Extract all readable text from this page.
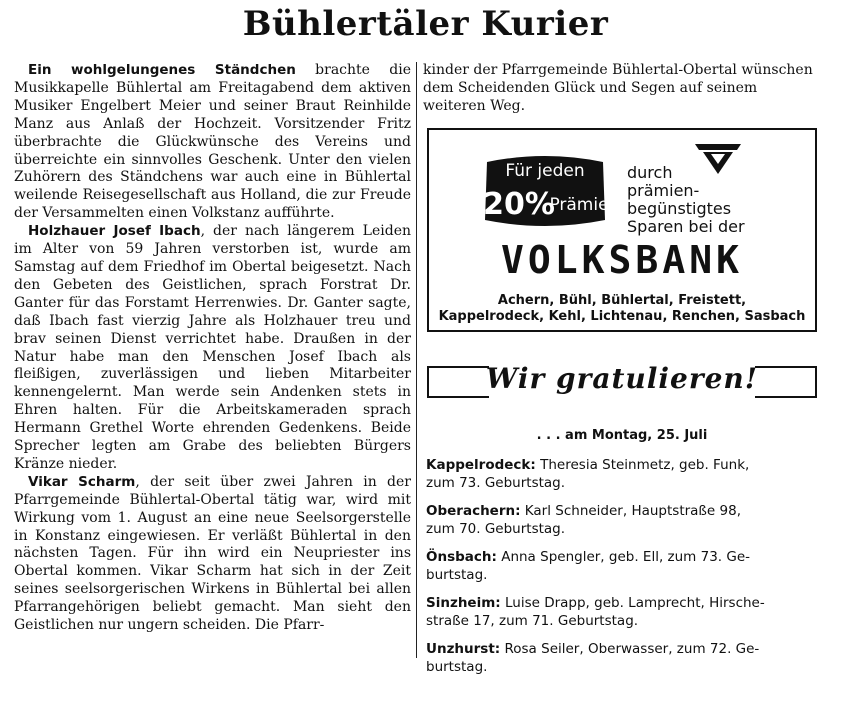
Bühlertäler Kurier

Ein wohlgelungenes Ständchen brachte die Musikkapelle Bühlertal am Freitagabend dem aktiven Musiker Engelbert Meier und seiner Braut Reinhilde Manz aus Anlaß der Hochzeit. Vorsitzender Fritz überbrachte die Glückwünsche des Vereins und überreichte ein sinnvolles Geschenk. Unter den vielen Zuhörern des Ständchens war auch eine in Bühlertal weilende Reisegesellschaft aus Holland, die zur Freude der Versammelten einen Volkstanz aufführte.

Holzhauer Josef Ibach, der nach längerem Leiden im Alter von 59 Jahren verstorben ist, wurde am Samstag auf dem Friedhof im Obertal beigesetzt. Nach den Gebeten des Geistlichen, sprach Forstrat Dr. Ganter für das Forstamt Herrenwies. Dr. Ganter sagte, daß Ibach fast vierzig Jahre als Holzhauer treu und brav seinen Dienst verrichtet habe. Draußen in der Natur habe man den Menschen Josef Ibach als fleißigen, zuverlässigen und lieben Mitarbeiter kennengelernt. Man werde sein Andenken stets in Ehren halten. Für die Arbeitskameraden sprach Hermann Grethel Worte ehrenden Gedenkens. Beide Sprecher legten am Grabe des beliebten Bürgers Kränze nieder.

Vikar Scharm, der seit über zwei Jahren in der Pfarrgemeinde Bühlertal-Obertal tätig war, wird mit Wirkung vom 1. August an eine neue Seelsorgerstelle in Konstanz eingewiesen. Er verläßt Bühlertal in den nächsten Tagen. Für ihn wird ein Neupriester ins Obertal kommen. Vikar Scharm hat sich in der Zeit seines seelsorgerischen Wirkens in Bühlertal bei allen Pfarrangehörigen beliebt gemacht. Man sieht den Geistlichen nur ungern scheiden. Die Pfarr-

kinder der Pfarrgemeinde Bühlertal-Obertal wünschen dem Scheidenden Glück und Segen auf seinem weiteren Weg.

Für jeden
20%
Prämie
durch
prämien-
begünstigtes
Sparen bei der
VOLKSBANK
Achern, Bühl, Bühlertal, Freistett,
Kappelrodeck, Kehl, Lichtenau, Renchen, Sasbach
Wir gratulieren!
. . . am Montag, 25. Juli
Kappelrodeck: Theresia Steinmetz, geb. Funk,
zum 73. Geburtstag.
Oberachern: Karl Schneider, Hauptstraße 98,
zum 70. Geburtstag.
Önsbach: Anna Spengler, geb. Ell, zum 73. Ge-
burtstag.
Sinzheim: Luise Drapp, geb. Lamprecht, Hirsche-
straße 17, zum 71. Geburtstag.
Unzhurst: Rosa Seiler, Oberwasser, zum 72. Ge-
burtstag.
